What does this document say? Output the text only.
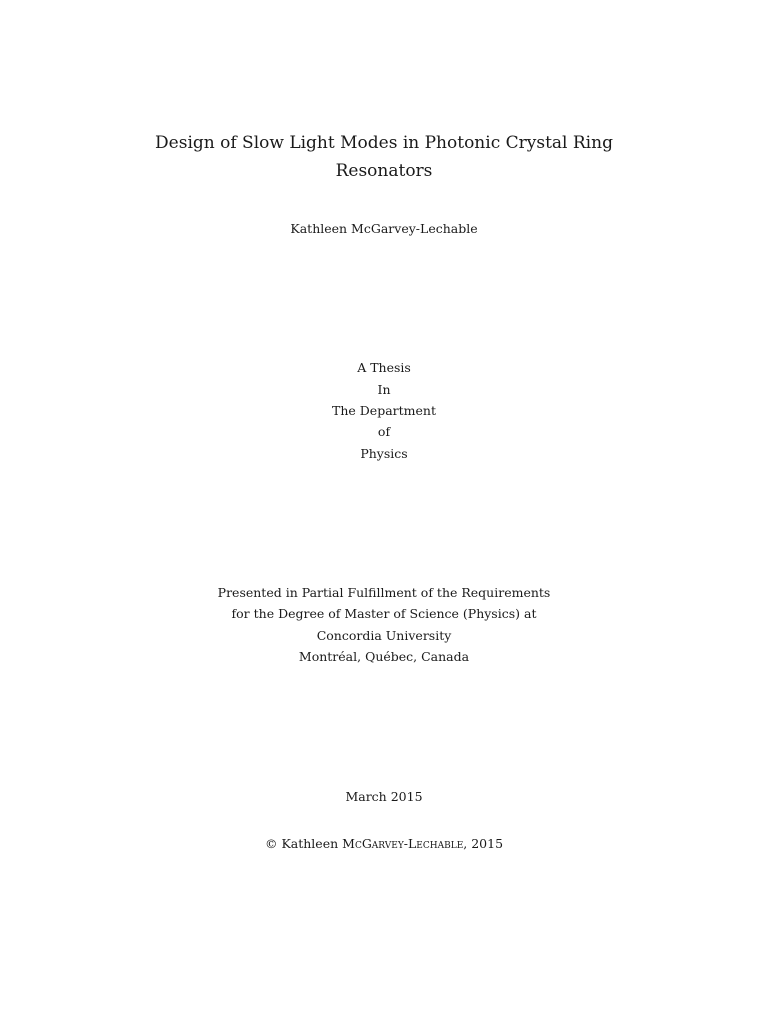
Design of Slow Light Modes in Photonic Crystal Ring
Resonators
Kathleen McGarvey-Lechable
A Thesis
In
The Department
of
Physics
Presented in Partial Fulfillment of the Requirements
for the Degree of Master of Science (Physics) at
Concordia University
Montréal, Québec, Canada
March 2015
© Kathleen McGarvey-Lechable, 2015
